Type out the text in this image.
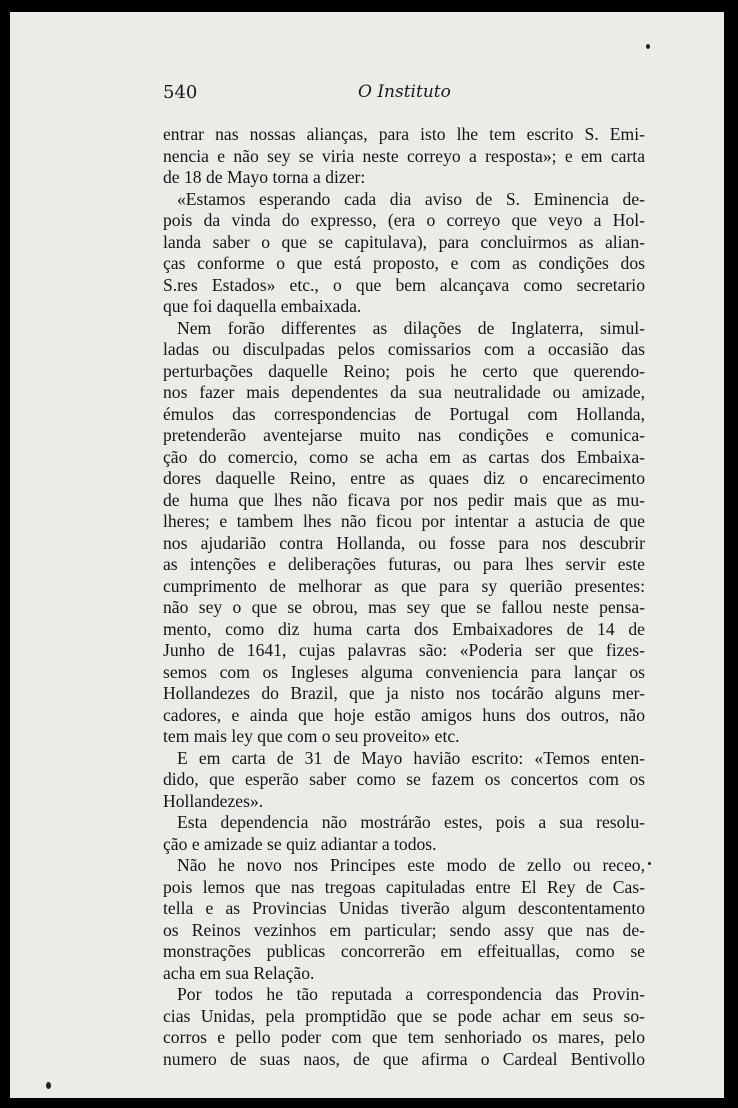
540	O Instituto
entrar nas nossas alianças, para isto lhe tem escrito S. Emi-
nencia e não sey se viria neste correyo a resposta»; e em carta
de 18 de Mayo torna a dizer:
«Estamos esperando cada dia aviso de S. Eminencia de-
pois da vinda do expresso, (era o correyo que veyo a Hol-
landa saber o que se capitulava), para concluirmos as alian-
ças conforme o que está proposto, e com as condições dos
S.res Estados» etc., o que bem alcançava como secretario
que foi daquella embaixada.
Nem forão differentes as dilações de Inglaterra, simul-
ladas ou disculpadas pelos comissarios com a occasião das
perturbações daquelle Reino; pois he certo que querendo-
nos fazer mais dependentes da sua neutralidade ou amizade,
émulos das correspondencias de Portugal com Hollanda,
pretenderão aventejarse muito nas condições e comunica-
ção do comercio, como se acha em as cartas dos Embaixa-
dores daquelle Reino, entre as quaes diz o encarecimento
de huma que lhes não ficava por nos pedir mais que as mu-
lheres; e tambem lhes não ficou por intentar a astucia de que
nos ajudarião contra Hollanda, ou fosse para nos descubrir
as intenções e deliberações futuras, ou para lhes servir este
cumprimento de melhorar as que para sy querião presentes:
não sey o que se obrou, mas sey que se fallou neste pensa-
mento, como diz huma carta dos Embaixadores de 14 de
Junho de 1641, cujas palavras são: «Poderia ser que fizes-
semos com os Ingleses alguma conveniencia para lançar os
Hollandezes do Brazil, que ja nisto nos tocárão alguns mer-
cadores, e ainda que hoje estão amigos huns dos outros, não
tem mais ley que com o seu proveito» etc.
E em carta de 31 de Mayo havião escrito: «Temos enten-
dido, que esperão saber como se fazem os concertos com os
Hollandezes».
Esta dependencia não mostrárão estes, pois a sua resolu-
ção e amizade se quiz adiantar a todos.
Não he novo nos Principes este modo de zello ou receo,
pois lemos que nas tregoas capituladas entre El Rey de Cas-
tella e as Provincias Unidas tiverão algum descontentamento
os Reinos vezinhos em particular; sendo assy que nas de-
monstrações publicas concorrerão em effeituallas, como se
acha em sua Relação.
Por todos he tão reputada a correspondencia das Provin-
cias Unidas, pela promptidão que se pode achar em seus so-
corros e pello poder com que tem senhoriado os mares, pelo
numero de suas naos, de que afirma o Cardeal Bentivollo
